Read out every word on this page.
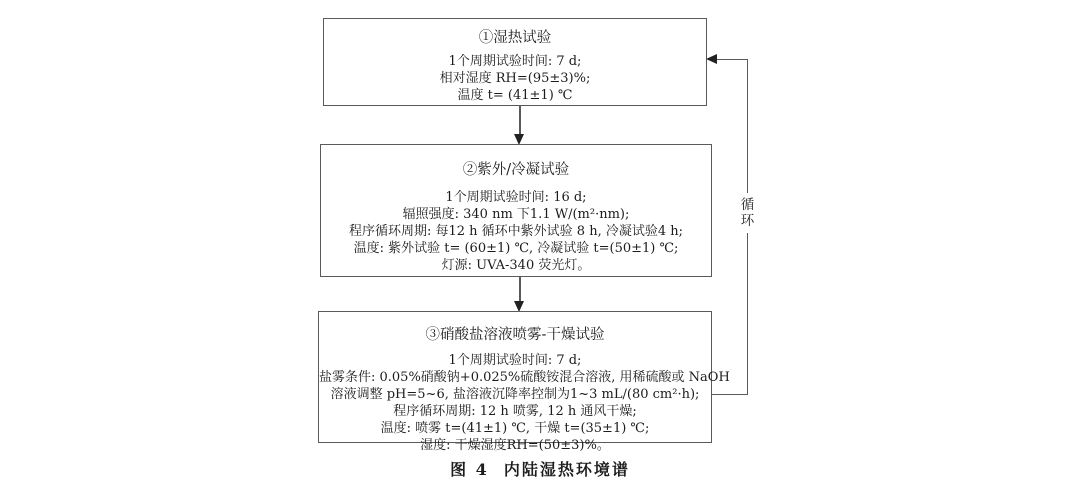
①湿热试验
1个周期试验时间: 7 d;
相对湿度 RH=(95±3)%;
温度 t= (41±1) ℃
②紫外/冷凝试验
1个周期试验时间: 16 d;
辐照强度: 340 nm 下1.1 W/(m²·nm);
程序循环周期: 每12 h 循环中紫外试验 8 h, 冷凝试验4 h;
温度: 紫外试验 t= (60±1) ℃, 冷凝试验 t=(50±1) ℃;
灯源: UVA-340 荧光灯。
③硝酸盐溶液喷雾-干燥试验
1个周期试验时间: 7 d;
盐雾条件: 0.05%硝酸钠+0.025%硫酸铵混合溶液, 用稀硫酸或 NaOH
溶液调整 pH=5~6, 盐溶液沉降率控制为1~3 mL/(80 cm²·h);
程序循环周期: 12 h 喷雾, 12 h 通风干燥;
温度: 喷雾 t=(41±1) ℃, 干燥 t=(35±1) ℃;
湿度: 干燥湿度RH=(50±3)%。
循环
图 4  内陆湿热环境谱
